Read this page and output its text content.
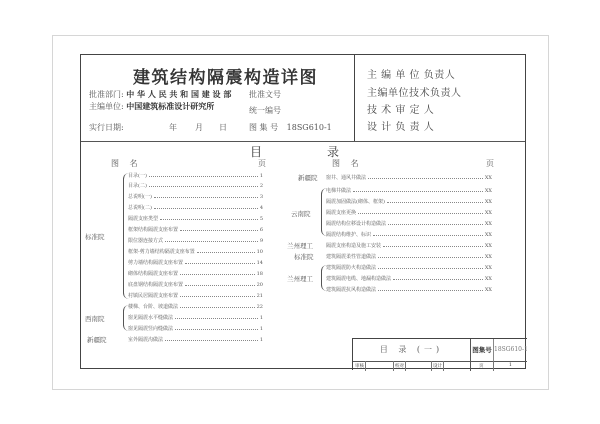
建筑结构隔震构造详图
批准部门: 中 华 人 民 共 和 国 建 设 部
主编单位: 中国建筑标准设计研究所
实行日期:	年 月 日
批准文号
统一编号
图 集 号 18SG610-1
主 编 单 位 负责人
主编单位技术负责人
技 术 审 定 人
设 计 负 责 人
目	录
图 名	页	图 名	页
标准院
目录(一)	1
目录(二)	2
总说明(一)	3
总说明(二)	4
隔震支座类型	5
框架结构隔震支座布置	6
限位器连接方式	9
框架-剪力墙结构隔震支座布置	10
剪力墙结构隔震支座布置	14
砌体结构隔震支座布置	18
底盘钢结构隔震支座布置	20
村镇民居隔震支座布置	21
西南院
楼梯、台阶、坡道做法	22
窗见隔震水平缝做法	1
窗见隔震竖向缝做法	1
新疆院	室外隔震沟做法	1
新疆院 窗井、通风井做法	XX
云南院
电梯井做法	XX
隔震加固做法(砌体、框架)	XX
隔震支座更换	XX
隔震结构位移设计构造做法	XX
隔震结构维护、标识	XX
兰州理工	隔震支座构造及施工安装	XX
标准院	建筑隔震柔性管道做法	XX
兰州理工
建筑隔震防火构造做法	XX
建筑隔震电缆、地漏构造做法	XX
建筑隔震抗风构造做法	XX
目 录 (一)	图集号 18SG610-1
审核	校对	设计	页	1
